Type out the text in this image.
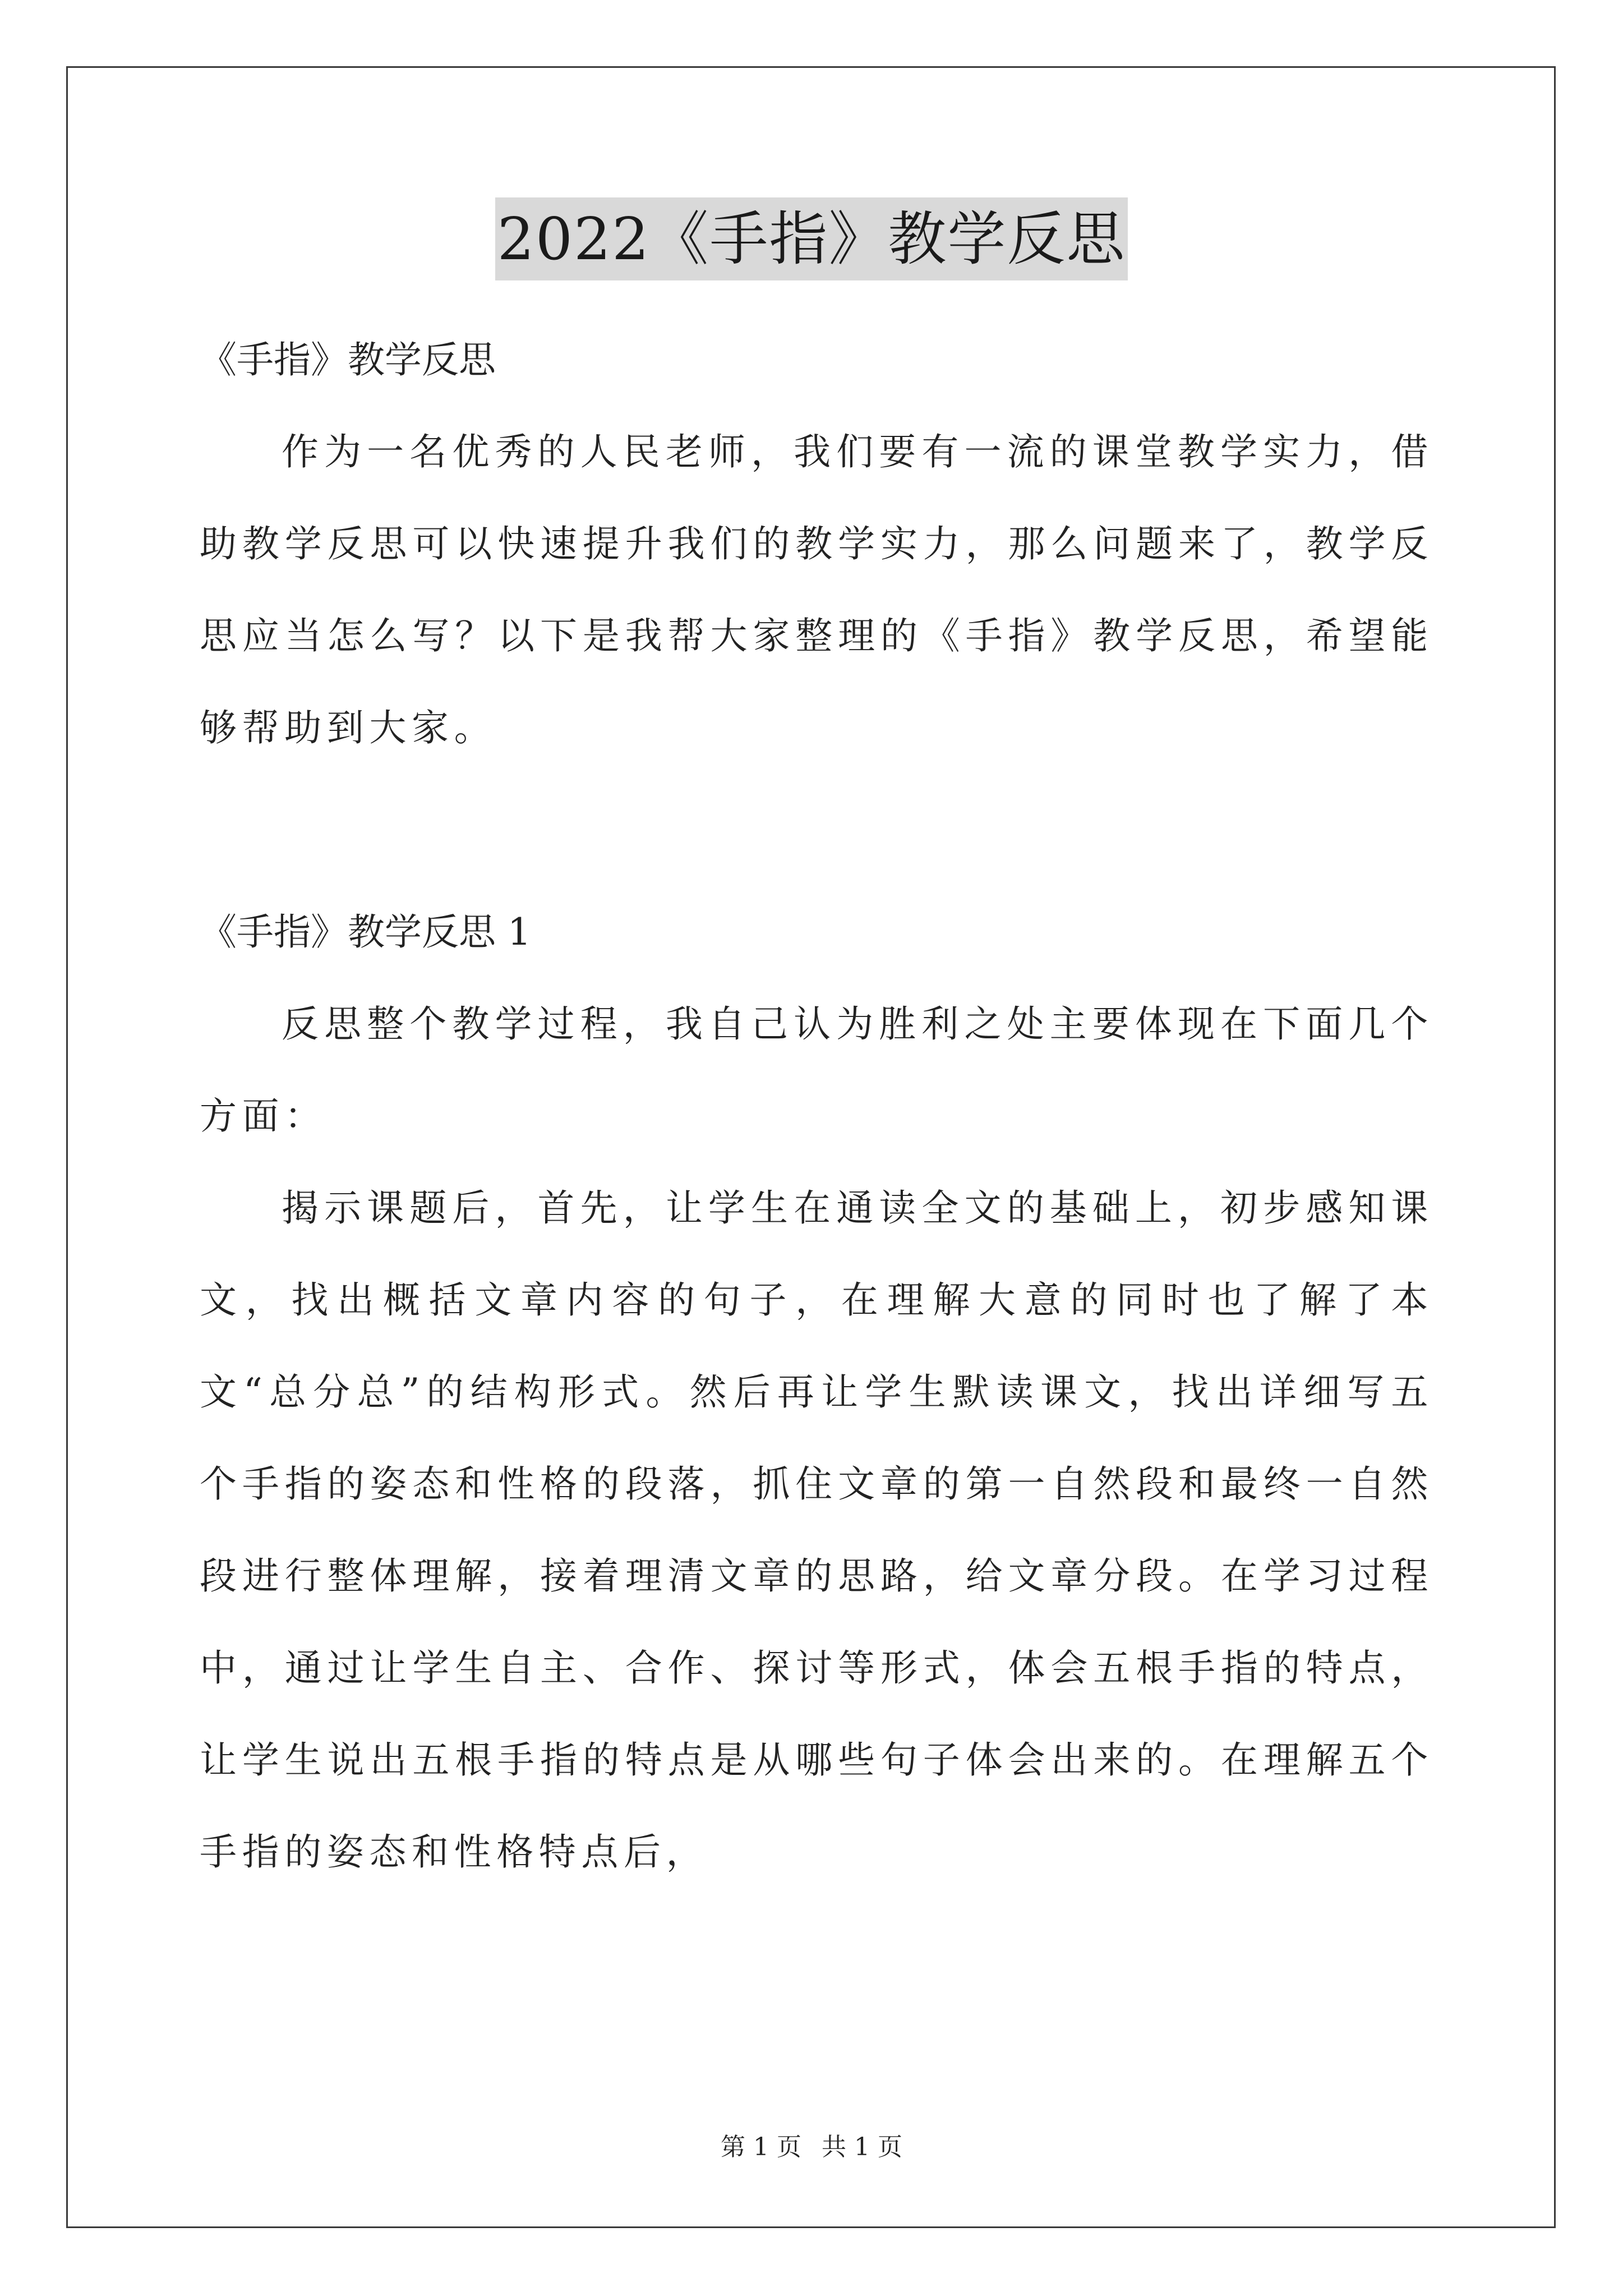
2022《手指》教学反思

《手指》教学反思

作为一名优秀的人民老师，我们要有一流的课堂教学实力，借助教学反思可以快速提升我们的教学实力，那么问题来了，教学反思应当怎么写？以下是我帮大家整理的《手指》教学反思，希望能够帮助到大家。

《手指》教学反思 1

反思整个教学过程，我自己认为胜利之处主要体现在下面几个方面：

揭示课题后，首先，让学生在通读全文的基础上，初步感知课文，找出概括文章内容的句子，在理解大意的同时也了解了本文“总分总”的结构形式。然后再让学生默读课文，找出详细写五个手指的姿态和性格的段落，抓住文章的第一自然段和最终一自然段进行整体理解，接着理清文章的思路，给文章分段。在学习过程中，通过让学生自主、合作、探讨等形式，体会五根手指的特点，让学生说出五根手指的特点是从哪些句子体会出来的。在理解五个手指的姿态和性格特点后，

第 1 页 共 1 页
